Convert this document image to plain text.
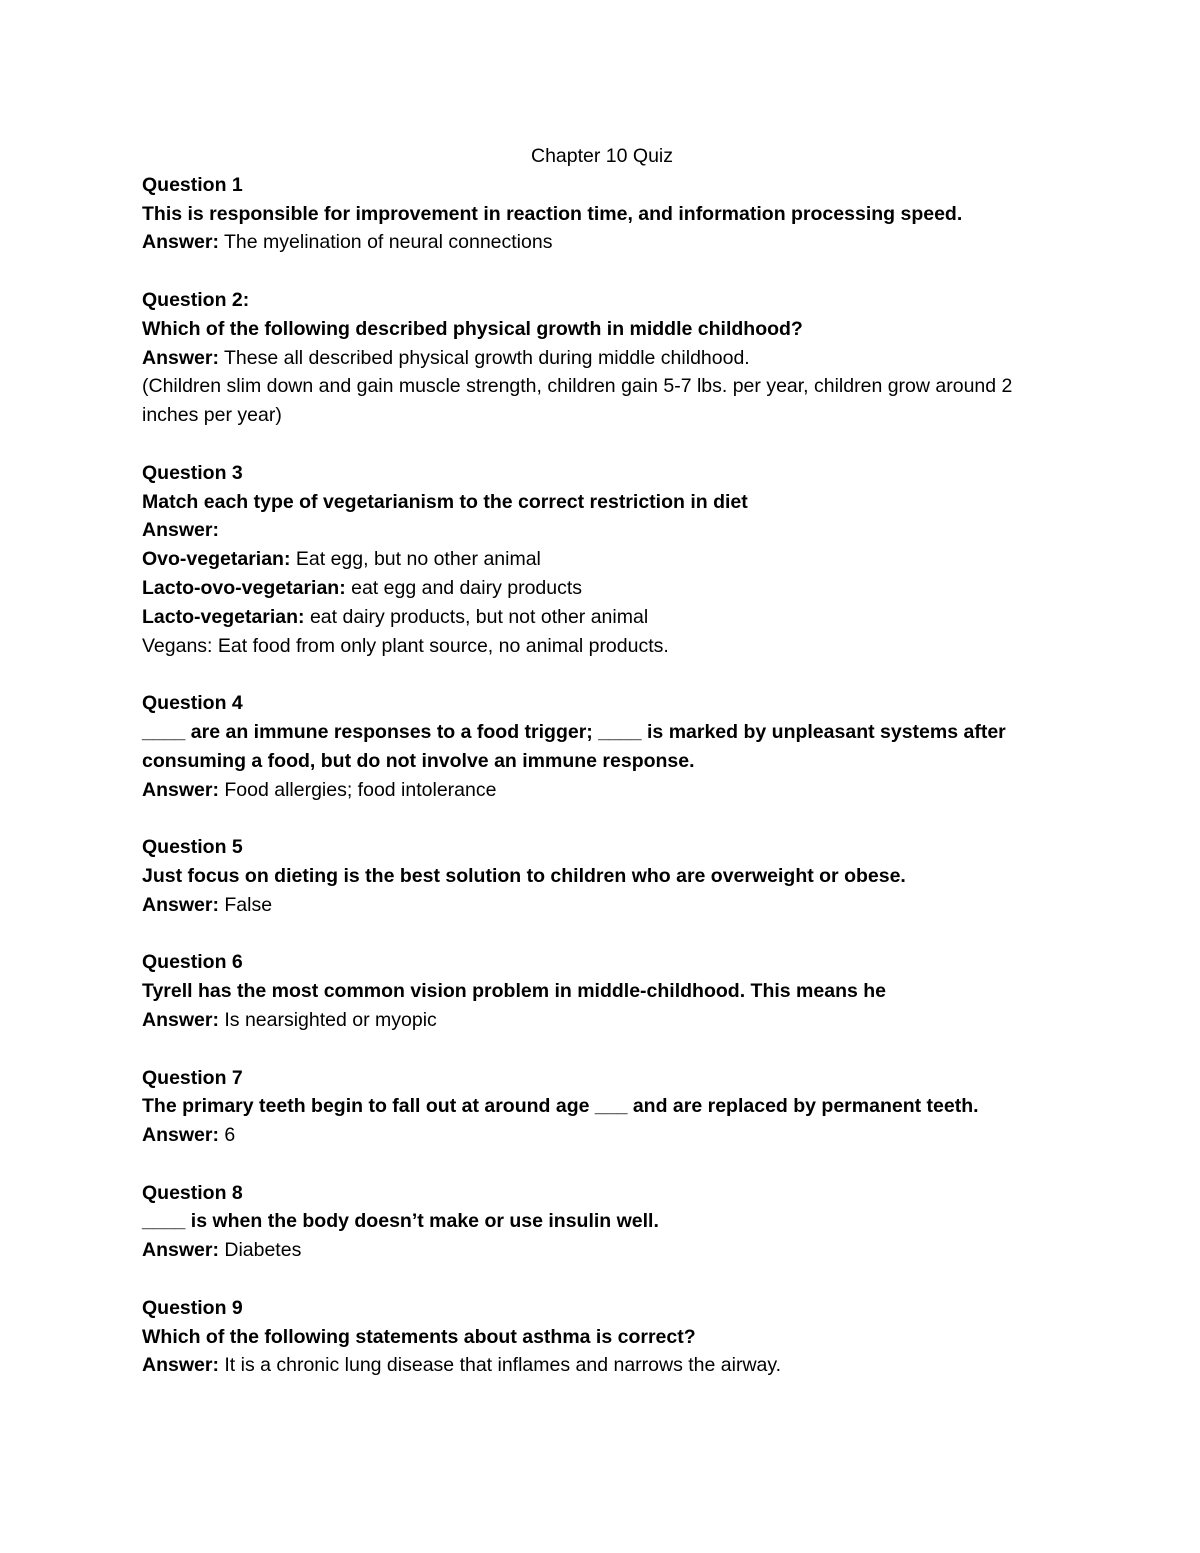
Chapter 10 Quiz

Question 1

This is responsible for improvement in reaction time, and information processing speed.

Answer: The myelination of neural connections

Question 2:

Which of the following described physical growth in middle childhood?

Answer: These all described physical growth during middle childhood.

(Children slim down and gain muscle strength, children gain 5-7 lbs. per year, children grow around 2 inches per year)

Question 3

Match each type of vegetarianism to the correct restriction in diet

Answer:

Ovo-vegetarian: Eat egg, but no other animal

Lacto-ovo-vegetarian: eat egg and dairy products

Lacto-vegetarian: eat dairy products, but not other animal

Vegans: Eat food from only plant source, no animal products.

Question 4

____ are an immune responses to a food trigger; ____ is marked by unpleasant systems after consuming a food, but do not involve an immune response.

Answer: Food allergies; food intolerance

Question 5

Just focus on dieting is the best solution to children who are overweight or obese.

Answer: False

Question 6

Tyrell has the most common vision problem in middle-childhood. This means he

Answer: Is nearsighted or myopic

Question 7

The primary teeth begin to fall out at around age ___ and are replaced by permanent teeth.

Answer: 6

Question 8

____ is when the body doesn’t make or use insulin well.

Answer: Diabetes

Question 9

Which of the following statements about asthma is correct?

Answer: It is a chronic lung disease that inflames and narrows the airway.
